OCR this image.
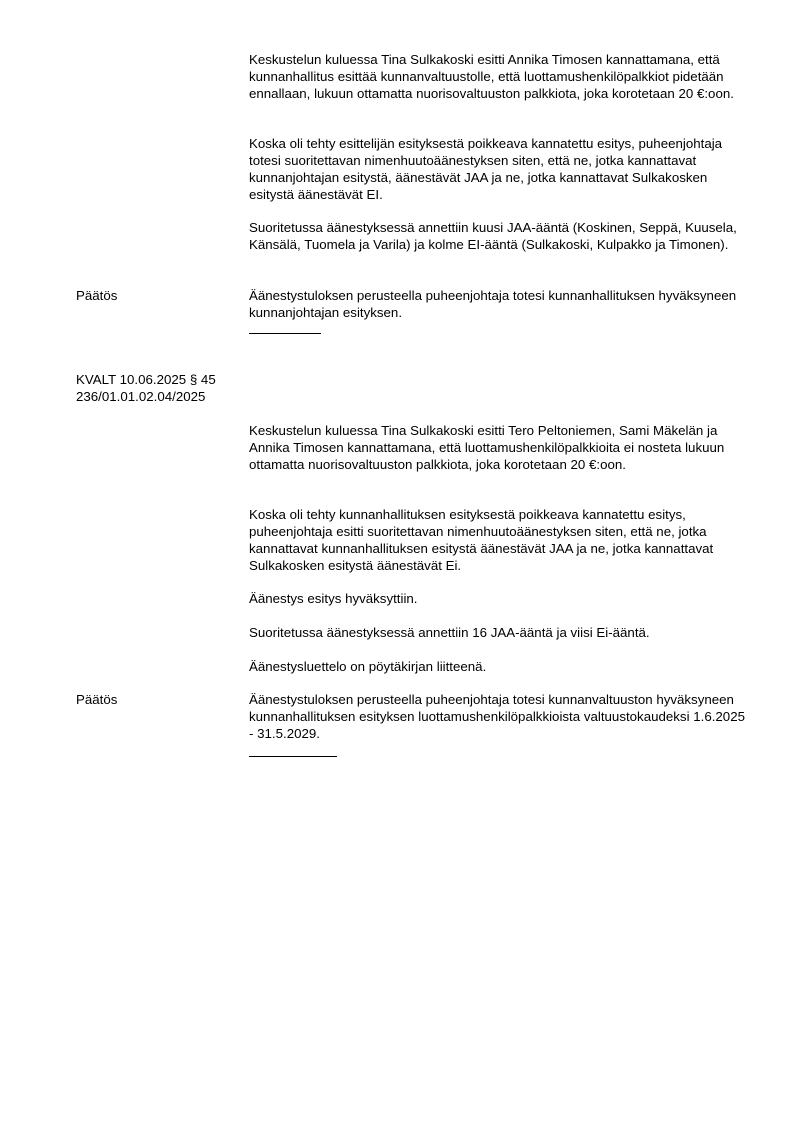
Keskustelun kuluessa Tina Sulkakoski esitti Annika Timosen kannattamana, että kunnanhallitus esittää kunnanvaltuustolle, että luottamushenkilöpalkkiot pidetään ennallaan, lukuun ottamatta nuorisovaltuuston palkkiota, joka korotetaan 20 €:oon.

Koska oli tehty esittelijän esityksestä poikkeava kannatettu esitys, puheenjohtaja totesi suoritettavan nimenhuutoäänestyksen siten, että ne, jotka kannattavat kunnanjohtajan esitystä, äänestävät JAA ja ne, jotka kannattavat Sulkakosken esitystä äänestävät EI.

Suoritetussa äänestyksessä annettiin kuusi JAA-ääntä (Koskinen, Seppä, Kuusela, Känsälä, Tuomela ja Varila) ja kolme EI-ääntä (Sulkakoski, Kulpakko ja Timonen).

Päätös	Äänestystuloksen perusteella puheenjohtaja totesi kunnanhallituksen hyväksyneen kunnanjohtajan esityksen.

KVALT 10.06.2025 § 45

236/01.01.02.04/2025

Keskustelun kuluessa Tina Sulkakoski esitti Tero Peltoniemen, Sami Mäkelän ja Annika Timosen kannattamana, että luottamushenkilöpalkkioita ei nosteta lukuun ottamatta nuorisovaltuuston palkkiota, joka korotetaan 20 €:oon.

Koska oli tehty kunnanhallituksen esityksestä poikkeava kannatettu esitys, puheenjohtaja esitti suoritettavan nimenhuutoäänestyksen siten, että ne, jotka kannattavat kunnanhallituksen esitystä äänestävät JAA ja ne, jotka kannattavat Sulkakosken esitystä äänestävät Ei.

Äänestys esitys hyväksyttiin.

Suoritetussa äänestyksessä annettiin 16 JAA-ääntä ja viisi Ei-ääntä.

Äänestysluettelo on pöytäkirjan liitteenä.

Päätös	Äänestystuloksen perusteella puheenjohtaja totesi kunnanvaltuuston hyväksyneen kunnanhallituksen esityksen luottamushenkilöpalkkioista valtuustokaudeksi 1.6.2025 - 31.5.2029.
